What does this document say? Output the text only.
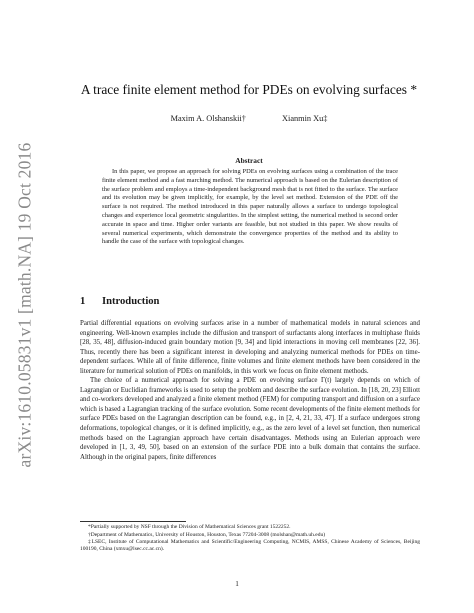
arXiv:1610.05831v1 [math.NA] 19 Oct 2016
A trace finite element method for PDEs on evolving surfaces *
Maxim A. Olshanskii†	Xianmin Xu‡
Abstract
In this paper, we propose an approach for solving PDEs on evolving surfaces using a combination of the trace finite element method and a fast marching method. The numerical approach is based on the Eulerian description of the surface problem and employs a time-independent background mesh that is not fitted to the surface. The surface and its evolution may be given implicitly, for example, by the level set method. Extension of the PDE off the surface is not required. The method introduced in this paper naturally allows a surface to undergo topological changes and experience local geometric singularities. In the simplest setting, the numerical method is second order accurate in space and time. Higher order variants are feasible, but not studied in this paper. We show results of several numerical experiments, which demonstrate the convergence properties of the method and its ability to handle the case of the surface with topological changes.
1 Introduction

Partial differential equations on evolving surfaces arise in a number of mathematical models in natural sciences and engineering. Well-known examples include the diffusion and transport of surfactants along interfaces in multiphase fluids [28, 35, 48], diffusion-induced grain boundary motion [9, 34] and lipid interactions in moving cell membranes [22, 36]. Thus, recently there has been a significant interest in developing and analyzing numerical methods for PDEs on time-dependent surfaces. While all of finite difference, finite volumes and finite element methods have been considered in the literature for numerical solution of PDEs on manifolds, in this work we focus on finite element methods.

The choice of a numerical approach for solving a PDE on evolving surface Γ(t) largely depends on which of Lagrangian or Euclidian frameworks is used to setup the problem and describe the surface evolution. In [18, 20, 23] Elliott and co-workers developed and analyzed a finite element method (FEM) for computing transport and diffusion on a surface which is based a Lagrangian tracking of the surface evolution. Some recent developments of the finite element methods for surface PDEs based on the Lagrangian description can be found, e.g., in [2, 4, 21, 33, 47]. If a surface undergoes strong deformations, topological changes, or it is defined implicitly, e.g., as the zero level of a level set function, then numerical methods based on the Lagrangian approach have certain disadvantages. Methods using an Eulerian approach were developed in [1, 3, 49, 50], based on an extension of the surface PDE into a bulk domain that contains the surface. Although in the original papers, finite differences

*Partially supported by NSF through the Division of Mathematical Sciences grant 1522252.

†Department of Mathematics, University of Houston, Houston, Texas 77204-3008 (molshan@math.uh.edu)

‡LSEC, Institute of Computational Mathematics and Scientific/Engineering Computing, NCMIS, AMSS, Chinese Academy of Sciences, Beijing 100190, China (xmxu@lsec.cc.ac.cn).

1
